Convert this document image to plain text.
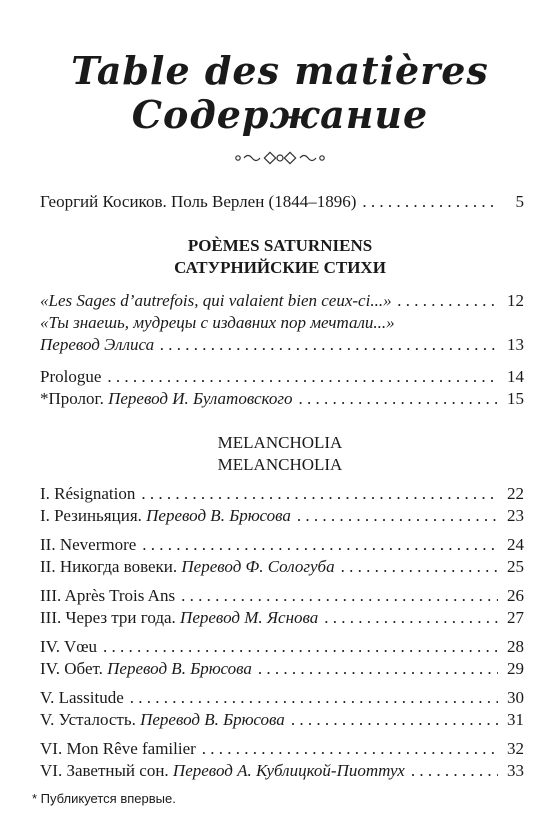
Table des matières
Содержание
Георгий Косиков. Поль Верлен (1844–1896) . . .	5
POÈMES SATURNIENS
САТУРНИЙСКИЕ СТИХИ
«Les Sages d’autrefois, qui valaient bien ceux-ci...» . . .	12
«Ты знаешь, мудрецы с издавних пор мечтали...»
Перевод Эллиса . . .	13
Prologue . . .	14
*Пролог. Перевод И. Булатовского . . .	15
MELANCHOLIA
MELANCHOLIA
I. Résignation . . .	22
I. Резиньяция. Перевод В. Брюсова . . .	23
II. Nevermore . . .	24
II. Никогда вовеки. Перевод Ф. Сологуба . . .	25
III. Après Trois Ans . . .	26
III. Через три года. Перевод М. Яснова . . .	27
IV. Vœu . . .	28
IV. Обет. Перевод В. Брюсова . . .	29
V. Lassitude . . .	30
V. Усталость. Перевод В. Брюсова . . .	31
VI. Mon Rêve familier . . .	32
VI. Заветный сон. Перевод А. Кублицкой-Пиоттух . . .	33
* Публикуется впервые.
